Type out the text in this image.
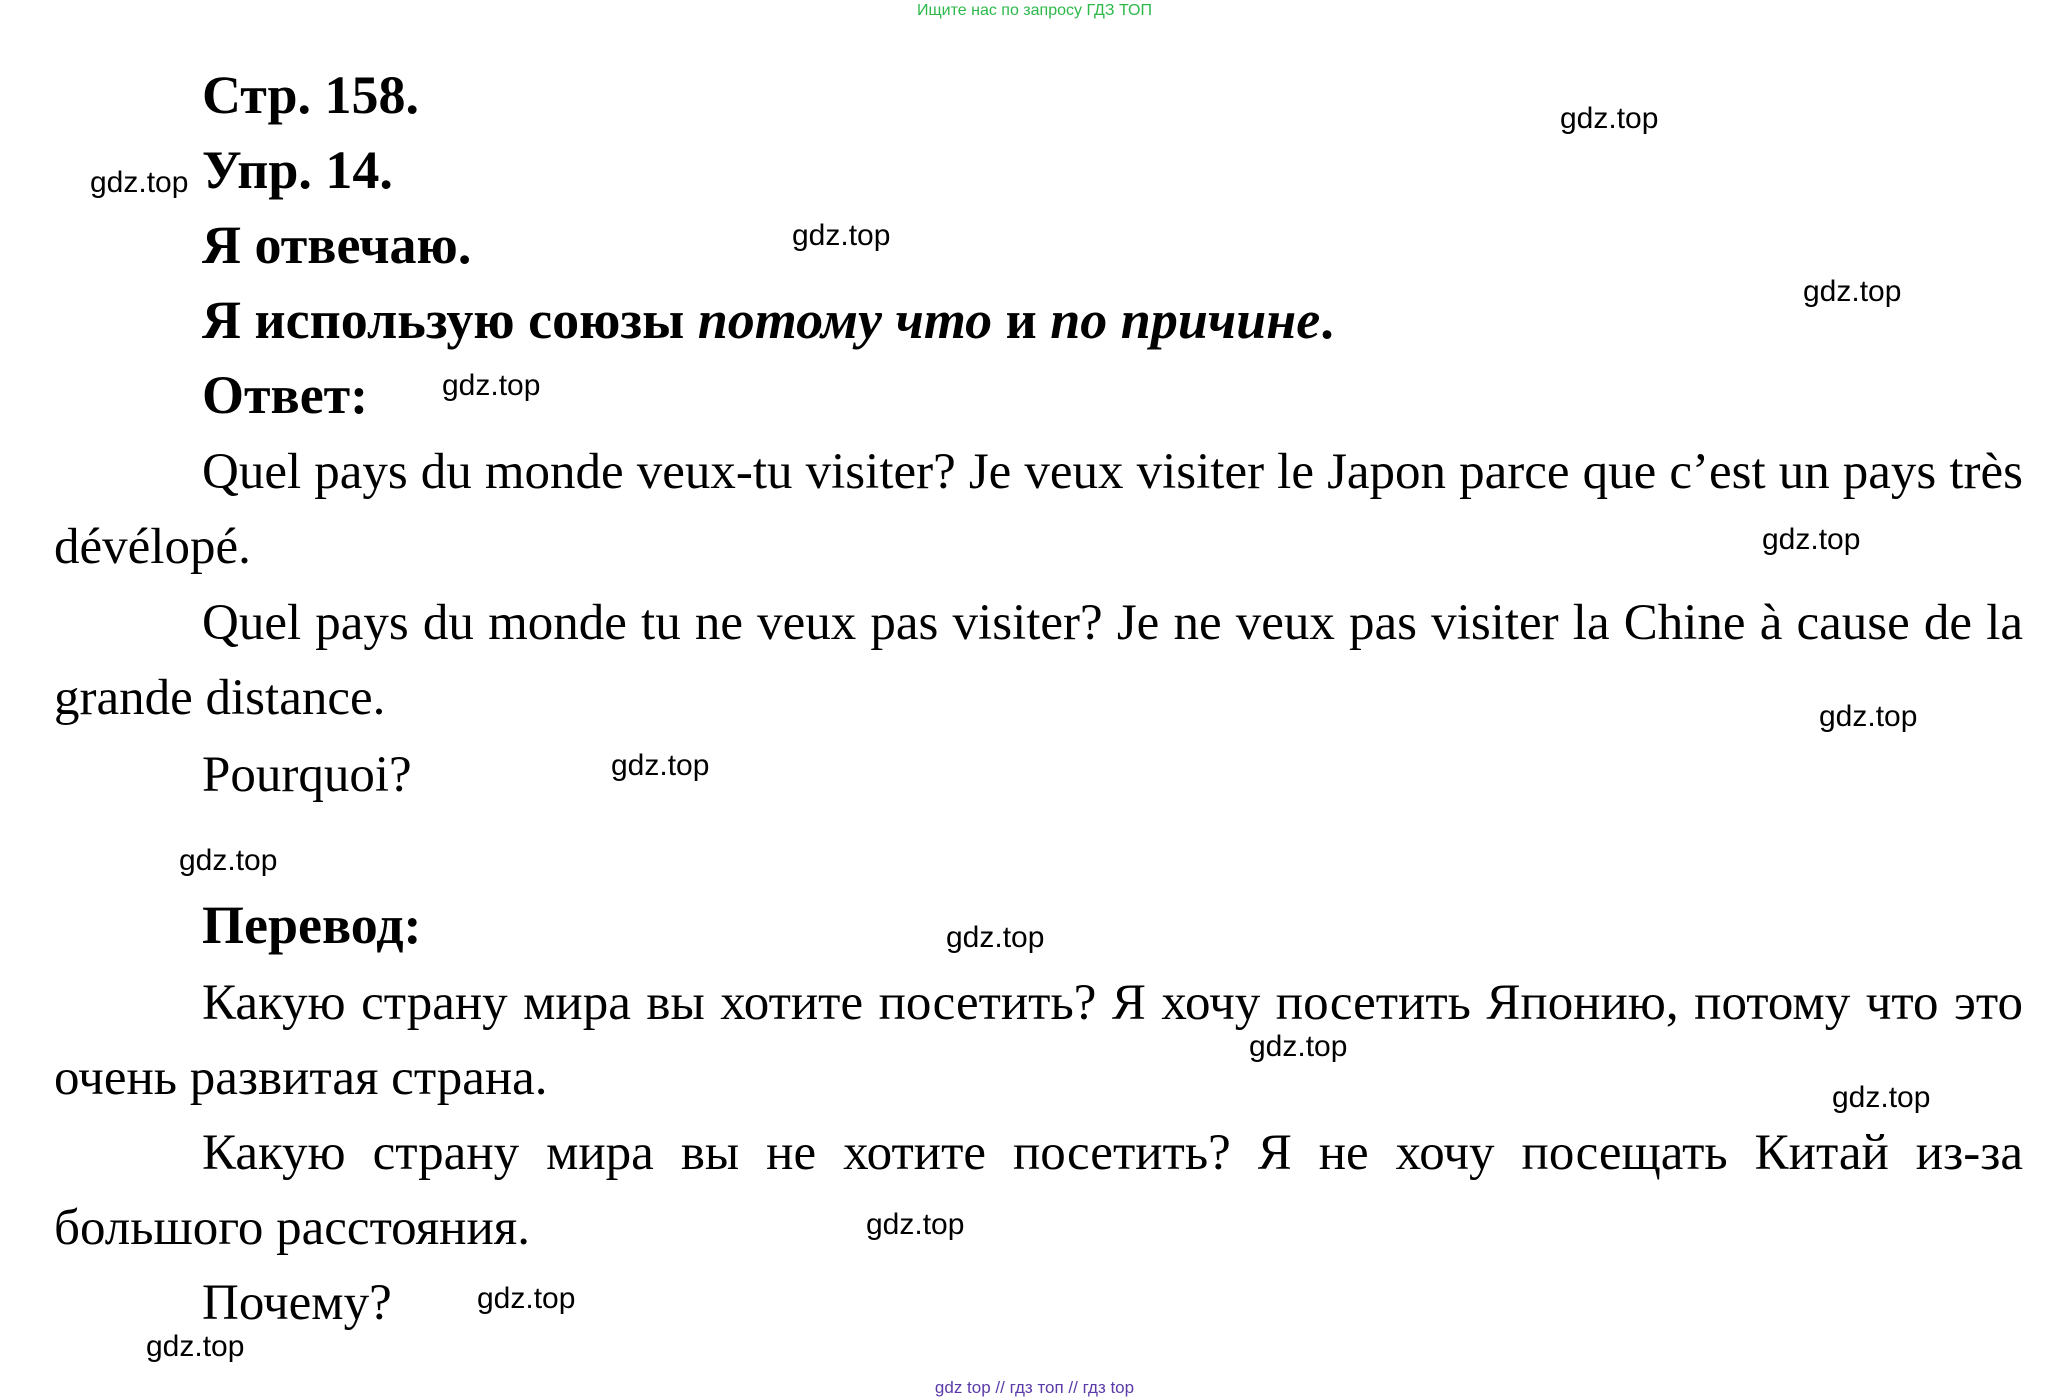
Ищите нас по запросу ГДЗ ТОП
Стр. 158.
Упр. 14.
Я отвечаю.
Я использую союзы потому что и по причине.
Ответ:

Quel pays du monde veux-tu visiter? Je veux visiter le Japon parce que c’est un pays très dévélopé.

Quel pays du monde tu ne veux pas visiter? Je ne veux pas visiter la Chine à cause de la grande distance.

Pourquoi?
Перевод:

Какую страну мира вы хотите посетить? Я хочу посетить Японию, потому что это очень развитая страна.

Какую страну мира вы не хотите посетить? Я не хочу посещать Китай из-за большого расстояния.

Почему?
gdz.top
gdz.top
gdz.top
gdz.top
gdz.top
gdz.top
gdz.top
gdz.top
gdz.top
gdz.top
gdz.top
gdz.top
gdz.top
gdz.top
gdz.top
gdz top // гдз топ // гдз top
